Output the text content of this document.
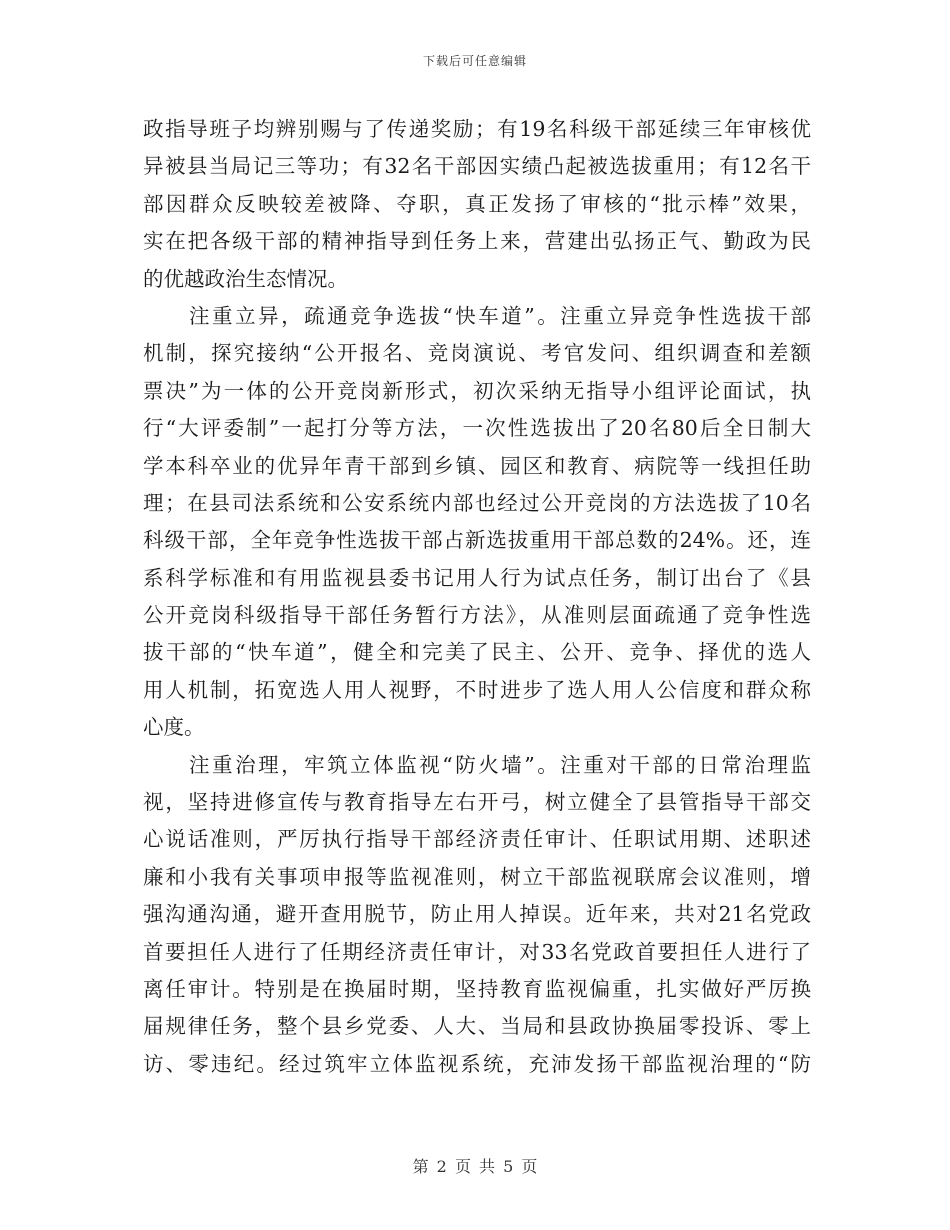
下载后可任意编辑
政指导班子均辨别赐与了传递奖励；有19名科级干部延续三年审核优
异被县当局记三等功；有32名干部因实绩凸起被选拔重用；有12名干
部因群众反映较差被降、夺职，真正发扬了审核的“批示棒”效果，
实在把各级干部的精神指导到任务上来，营建出弘扬正气、勤政为民
的优越政治生态情况。
　　注重立异，疏通竞争选拔“快车道”。注重立异竞争性选拔干部
机制，探究接纳“公开报名、竞岗演说、考官发问、组织调查和差额
票决”为一体的公开竞岗新形式，初次采纳无指导小组评论面试，执
行“大评委制”一起打分等方法，一次性选拔出了20名80后全日制大
学本科卒业的优异年青干部到乡镇、园区和教育、病院等一线担任助
理；在县司法系统和公安系统内部也经过公开竞岗的方法选拔了10名
科级干部，全年竞争性选拔干部占新选拔重用干部总数的24%。还，连
系科学标准和有用监视县委书记用人行为试点任务，制订出台了《县
公开竞岗科级指导干部任务暂行方法》，从准则层面疏通了竞争性选
拔干部的“快车道”，健全和完美了民主、公开、竞争、择优的选人
用人机制，拓宽选人用人视野，不时进步了选人用人公信度和群众称
心度。
　　注重治理，牢筑立体监视“防火墙”。注重对干部的日常治理监
视，坚持进修宣传与教育指导左右开弓，树立健全了县管指导干部交
心说话准则，严厉执行指导干部经济责任审计、任职试用期、述职述
廉和小我有关事项申报等监视准则，树立干部监视联席会议准则，增
强沟通沟通，避开查用脱节，防止用人掉误。近年来，共对21名党政
首要担任人进行了任期经济责任审计，对33名党政首要担任人进行了
离任审计。特别是在换届时期，坚持教育监视偏重，扎实做好严厉换
届规律任务，整个县乡党委、人大、当局和县政协换届零投诉、零上
访、零违纪。经过筑牢立体监视系统，充沛发扬干部监视治理的“防
第 2 页 共 5 页
